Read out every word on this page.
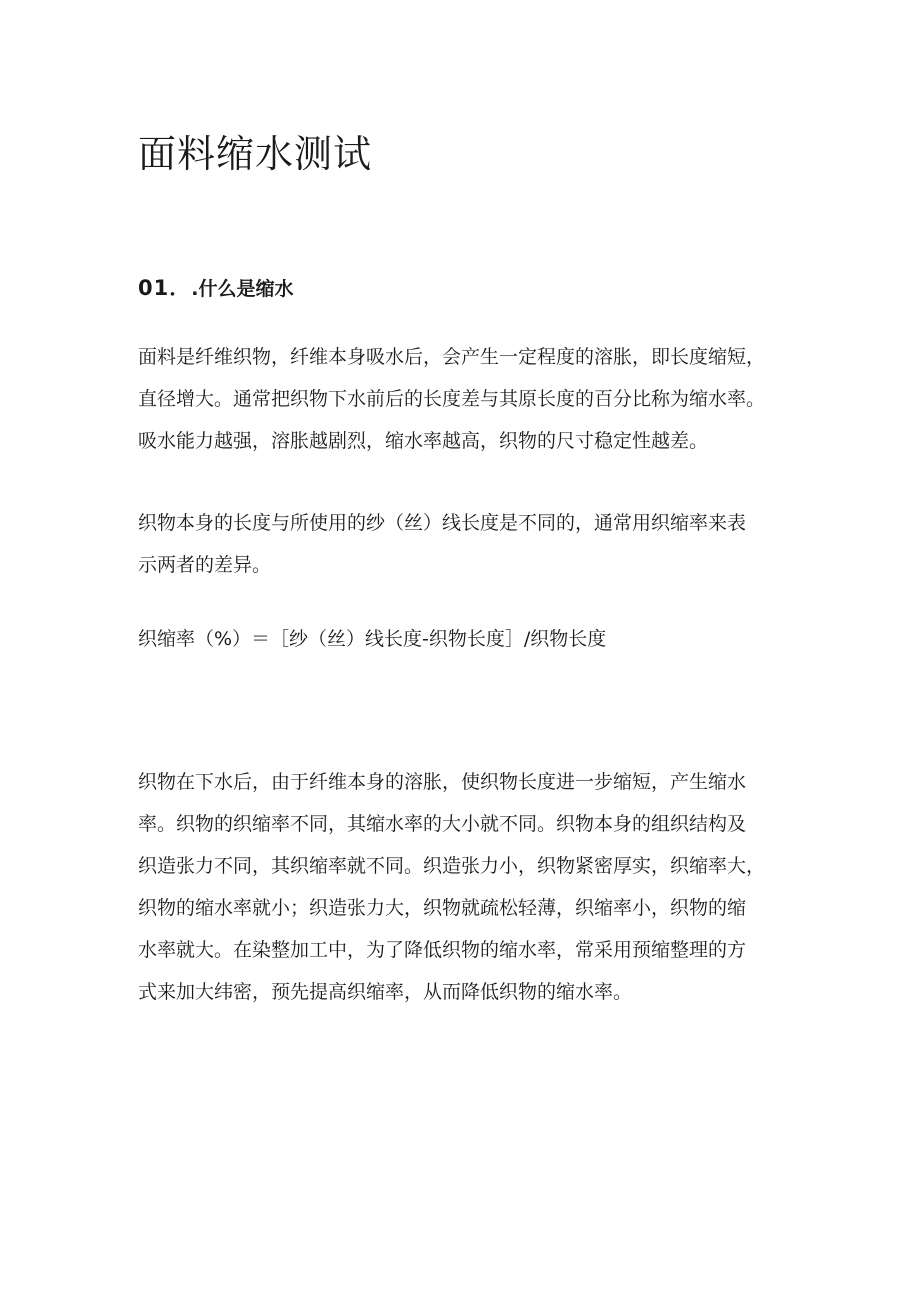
面料缩水测试
01．.什么是缩水

面料是纤维织物，纤维本身吸水后，会产生一定程度的溶胀，即长度缩短，
直径增大。通常把织物下水前后的长度差与其原长度的百分比称为缩水率。
吸水能力越强，溶胀越剧烈，缩水率越高，织物的尺寸稳定性越差。

织物本身的长度与所使用的纱（丝）线长度是不同的，通常用织缩率来表
示两者的差异。

织缩率（%）＝［纱（丝）线长度-织物长度］/织物长度

织物在下水后，由于纤维本身的溶胀，使织物长度进一步缩短，产生缩水
率。织物的织缩率不同，其缩水率的大小就不同。织物本身的组织结构及
织造张力不同，其织缩率就不同。织造张力小，织物紧密厚实，织缩率大，
织物的缩水率就小；织造张力大，织物就疏松轻薄，织缩率小，织物的缩
水率就大。在染整加工中，为了降低织物的缩水率，常采用预缩整理的方
式来加大纬密，预先提高织缩率，从而降低织物的缩水率。
